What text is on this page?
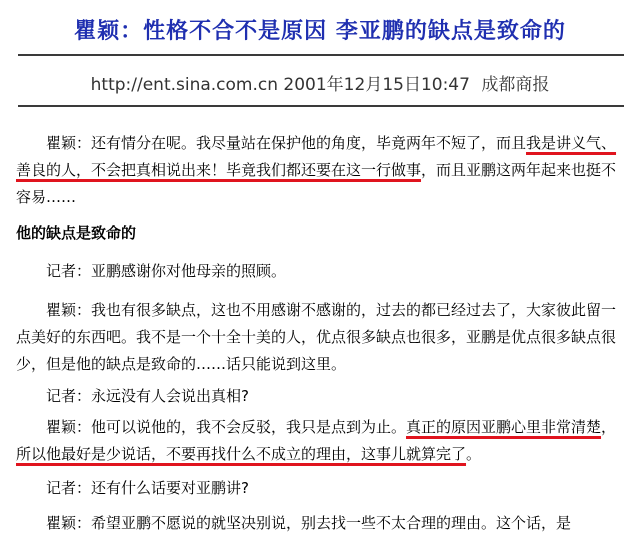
瞿颖：性格不合不是原因 李亚鹏的缺点是致命的
http://ent.sina.com.cn 2001年12月15日10:47 成都商报
瞿颖：还有情分在呢。我尽量站在保护他的角度，毕竟两年不短了，而且我是讲义气、善良的人，不会把真相说出来！毕竟我们都还要在这一行做事，而且亚鹏这两年起来也挺不容易……
他的缺点是致命的
记者：亚鹏感谢你对他母亲的照顾。
瞿颖：我也有很多缺点，这也不用感谢不感谢的，过去的都已经过去了，大家彼此留一点美好的东西吧。我不是一个十全十美的人，优点很多缺点也很多，亚鹏是优点很多缺点很少，但是他的缺点是致命的……话只能说到这里。
记者：永远没有人会说出真相?
瞿颖：他可以说他的，我不会反驳，我只是点到为止。真正的原因亚鹏心里非常清楚，所以他最好是少说话，不要再找什么不成立的理由，这事儿就算完了。
记者：还有什么话要对亚鹏讲?
瞿颖：希望亚鹏不愿说的就坚决别说，别去找一些不太合理的理由。这个话，是
